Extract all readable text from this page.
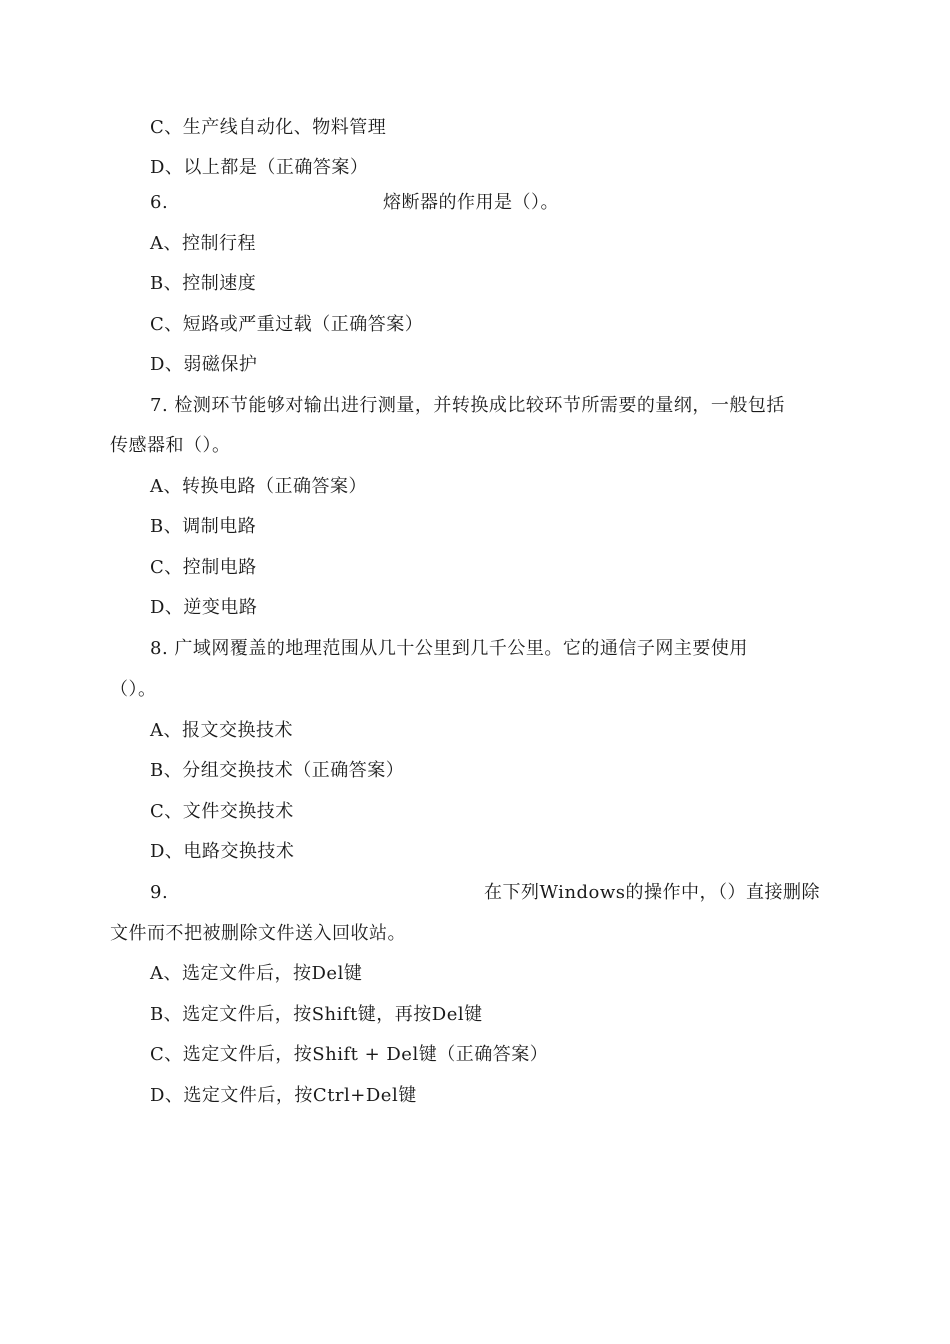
C、生产线自动化、物料管理
D、以上都是（正确答案）
6.	熔断器的作用是（）。
A、控制行程
B、控制速度
C、短路或严重过载（正确答案）
D、弱磁保护
7. 检测环节能够对输出进行测量，并转换成比较环节所需要的量纲，一般包括
传感器和（）。
A、转换电路（正确答案）
B、调制电路
C、控制电路
D、逆变电路
8. 广域网覆盖的地理范围从几十公里到几千公里。它的通信子网主要使用
（）。
A、报文交换技术
B、分组交换技术（正确答案）
C、文件交换技术
D、电路交换技术
9.	在下列Windows的操作中，（）直接删除
文件而不把被删除文件送入回收站。
A、选定文件后，按Del键
B、选定文件后，按Shift键，再按Del键
C、选定文件后，按Shift + Del键（正确答案）
D、选定文件后，按Ctrl+Del键
